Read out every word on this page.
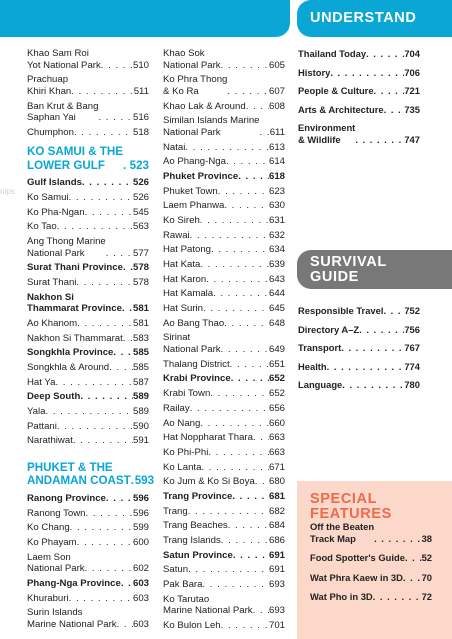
nips
Khao Sam Roi
Yot National Park . . .	510
Prachuap
Khiri Khan . . .	511
Ban Krut & Bang
Saphan Yai . . .	516
Chumphon . . .	518
KO SAMUI & THE
LOWER GULF . . .	523
Gulf Islands . . .	526
Ko Samui . . .	526
Ko Pha-Ngan . . .	545
Ko Tao . . .	563
Ang Thong Marine
National Park . . .	577
Surat Thani Province . . . 578
Surat Thani . . .	578
Nakhon Si
Thammarat Province . . . 581
Ao Khanom . . .	581
Nakhon Si Thammarat . . . 583
Songkhla Province . . . 585
Songkhla & Around . . . 585
Hat Ya . . .	587
Deep South . . .	589
Yala . . .	589
Pattani . . .	590
Narathiwat . . .	591
PHUKET & THE
ANDAMAN COAST . . . 593
Ranong Province . . .	596
Ranong Town . . .	596
Ko Chang . . .	599
Ko Phayam . . .	600
Laem Son
National Park . . .	602
Phang-Nga Province . . . 603
Khuraburi . . .	603
Surin Islands
Marine National Park . . . 603
Khao Sok
National Park . . .	605
Ko Phra Thong
& Ko Ra . . .	607
Khao Lak & Around . . . 608
Similan Islands Marine
National Park . . .	611
Natai . . .	613
Ao Phang-Nga . . .	614
Phuket Province . . .	618
Phuket Town . . .	623
Laem Phanwa . . .	630
Ko Sireh . . .	631
Rawai . . .	632
Hat Patong . . .	634
Hat Kata . . .	639
Hat Karon . . .	643
Hat Kamala . . .	644
Hat Surin . . .	645
Ao Bang Thao . . .	648
Sirinat
National Park . . .	649
Thalang District . . .	651
Krabi Province . . .	652
Krabi Town . . .	652
Railay . . .	656
Ao Nang . . .	660
Hat Noppharat Thara . . . 663
Ko Phi-Phi . . .	663
Ko Lanta . . .	671
Ko Jum & Ko Si Boya . . . 680
Trang Province . . .	681
Trang . . .	682
Trang Beaches . . .	684
Trang Islands . . .	686
Satun Province . . .	691
Satun . . .	691
Pak Bara . . .	693
Ko Tarutao
Marine National Park . . . 693
Ko Bulon Leh . . .	701
UNDERSTAND
Thailand Today . . .	704
History . . .	706
People & Culture . . .	721
Arts & Architecture . . . 735
Environment
& Wildlife . . .	747
SURVIVAL
GUIDE
Responsible Travel . . . 752
Directory A–Z . . .	756
Transport . . .	767
Health . . .	774
Language . . .	780
SPECIAL
FEATURES
Off the Beaten
Track Map . . .	38
Food Spotter's Guide . . . 52
Wat Phra Kaew in 3D . . . 70
Wat Pho in 3D . . .	72
